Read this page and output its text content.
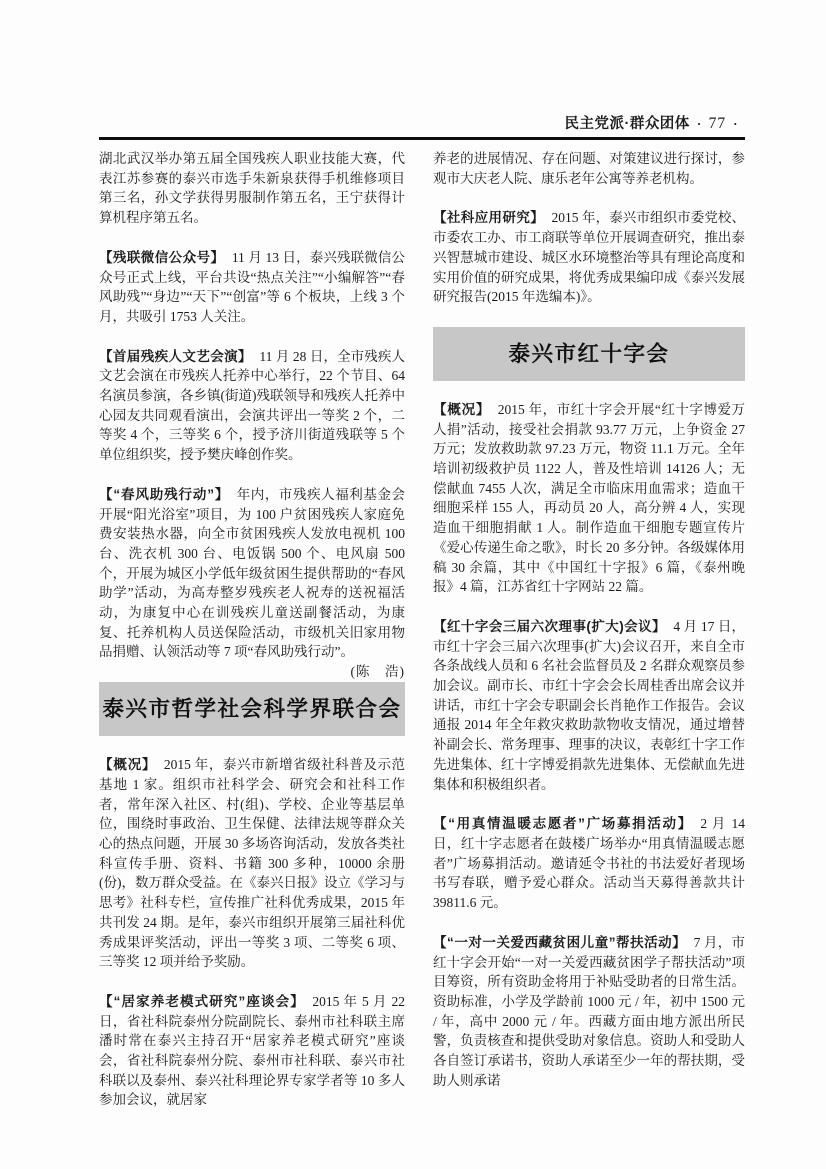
民主党派·群众团体 · 77 ·

湖北武汉举办第五届全国残疾人职业技能大赛，代表江苏参赛的泰兴市选手朱新泉获得手机维修项目第三名，孙文学获得男服制作第五名，王宁获得计算机程序第五名。

【残联微信公众号】 11 月 13 日，泰兴残联微信公众号正式上线，平台共设“热点关注”“小编解答”“春风助残”“身边”“天下”“创富”等 6 个板块，上线 3 个月，共吸引 1753 人关注。

【首届残疾人文艺会演】 11 月 28 日，全市残疾人文艺会演在市残疾人托养中心举行，22 个节目、64 名演员参演，各乡镇(街道)残联领导和残疾人托养中心园友共同观看演出，会演共评出一等奖 2 个，二等奖 4 个，三等奖 6 个，授予济川街道残联等 5 个单位组织奖，授予樊庆峰创作奖。

【“春风助残行动”】 年内，市残疾人福利基金会开展“阳光浴室”项目，为 100 户贫困残疾人家庭免费安装热水器，向全市贫困残疾人发放电视机 100 台、洗衣机 300 台、电饭锅 500 个、电风扇 500 个，开展为城区小学低年级贫困生提供帮助的“春风助学”活动，为高寿整岁残疾老人祝寿的送祝福活动，为康复中心在训残疾儿童送副餐活动，为康复、托养机构人员送保险活动，市级机关旧家用物品捐赠、认领活动等 7 项“春风助残行动”。
(陈　浩)

泰兴市哲学社会科学界联合会

【概况】 2015 年，泰兴市新增省级社科普及示范基地 1 家。组织市社科学会、研究会和社科工作者，常年深入社区、村(组)、学校、企业等基层单位，围绕时事政治、卫生保健、法律法规等群众关心的热点问题，开展 30 多场咨询活动，发放各类社科宣传手册、资料、书籍 300 多种，10000 余册(份)，数万群众受益。在《泰兴日报》设立《学习与思考》社科专栏，宣传推广社科优秀成果，2015 年共刊发 24 期。是年，泰兴市组织开展第三届社科优秀成果评奖活动，评出一等奖 3 项、二等奖 6 项、三等奖 12 项并给予奖励。

【“居家养老模式研究”座谈会】 2015 年 5 月 22 日，省社科院泰州分院副院长、泰州市社科联主席潘时常在泰兴主持召开“居家养老模式研究”座谈会，省社科院泰州分院、泰州市社科联、泰兴市社科联以及泰州、泰兴社科理论界专家学者等 10 多人参加会议，就居家

养老的进展情况、存在问题、对策建议进行探讨，参观市大庆老人院、康乐老年公寓等养老机构。

【社科应用研究】 2015 年，泰兴市组织市委党校、市委农工办、市工商联等单位开展调查研究，推出泰兴智慧城市建设、城区水环境整治等具有理论高度和实用价值的研究成果，将优秀成果编印成《泰兴发展研究报告(2015 年选编本)》。

泰兴市红十字会

【概况】 2015 年，市红十字会开展“红十字博爱万人捐”活动，接受社会捐款 93.77 万元，上争资金 27 万元；发放救助款 97.23 万元，物资 11.1 万元。全年培训初级救护员 1122 人，普及性培训 14126 人；无偿献血 7455 人次，满足全市临床用血需求；造血干细胞采样 155 人，再动员 20 人，高分辨 4 人，实现造血干细胞捐献 1 人。制作造血干细胞专题宣传片《爱心传递生命之歌》，时长 20 多分钟。各级媒体用稿 30 余篇，其中《中国红十字报》6 篇，《泰州晚报》4 篇，江苏省红十字网站 22 篇。

【红十字会三届六次理事(扩大)会议】 4 月 17 日，市红十字会三届六次理事(扩大)会议召开，来自全市各条战线人员和 6 名社会监督员及 2 名群众观察员参加会议。副市长、市红十字会会长周桂香出席会议并讲话，市红十字会专职副会长肖艳作工作报告。会议通报 2014 年全年救灾救助款物收支情况，通过增替补副会长、常务理事、理事的决议，表彰红十字工作先进集体、红十字博爱捐款先进集体、无偿献血先进集体和积极组织者。

【“用真情温暖志愿者”广场募捐活动】 2 月 14 日，红十字志愿者在鼓楼广场举办“用真情温暖志愿者”广场募捐活动。邀请延令书社的书法爱好者现场书写春联，赠予爱心群众。活动当天募得善款共计 39811.6 元。

【“一对一关爱西藏贫困儿童”帮扶活动】 7 月，市红十字会开始“一对一关爱西藏贫困学子帮扶活动”项目筹资，所有资助金将用于补贴受助者的日常生活。资助标准，小学及学龄前 1000 元 / 年，初中 1500 元 / 年，高中 2000 元 / 年。西藏方面由地方派出所民警，负责核查和提供受助对象信息。资助人和受助人各自签订承诺书，资助人承诺至少一年的帮扶期，受助人则承诺
